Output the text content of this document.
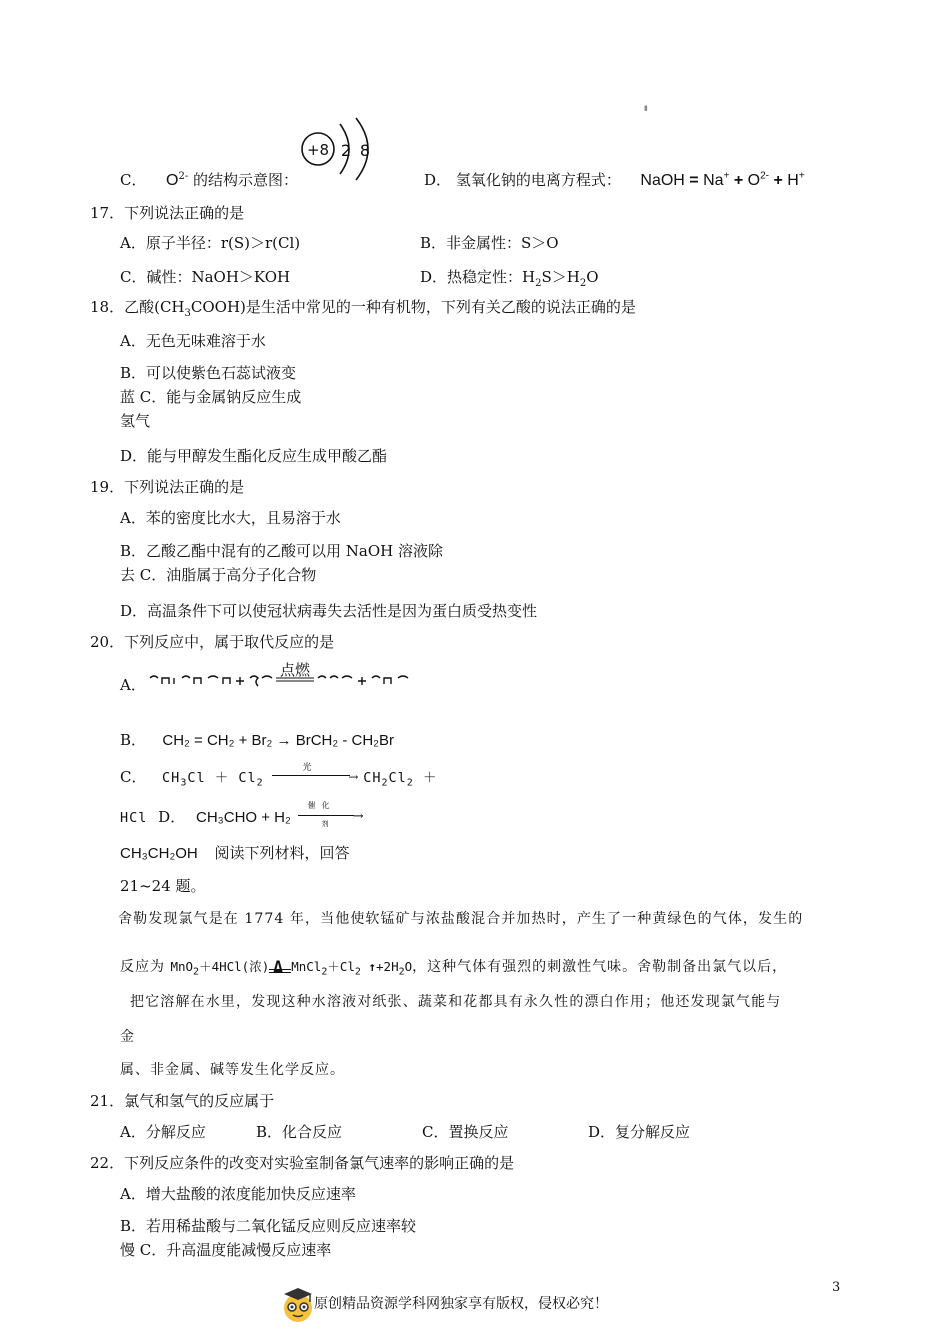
▮
C． $O^{2-}$ 的结构示意图：
+8 2 8
D． 氢氧化钠的电离方程式： NaOH = $Na^+ + O^{2-} + H^+$
17．下列说法正确的是
A．原子半径：r(S)＞r(Cl)	B．非金属性：S＞O
C．碱性：NaOH＞KOH	D．热稳定性：$H_2S>H_2O$
18．乙酸$(CH_3COOH)$是生活中常见的一种有机物，下列有关乙酸的说法正确的是
A．无色无味难溶于水
B．可以使紫色石蕊试液变
蓝 C．能与金属钠反应生成
氢气
D．能与甲醇发生酯化反应生成甲酸乙酯
19．下列说法正确的是
A．苯的密度比水大，且易溶于水
B．乙酸乙酯中混有的乙酸可以用 NaOH 溶液除
去 C．油脂属于高分子化合物
D．高温条件下可以使冠状病毒失去活性是因为蛋白质受热变性
20．下列反应中，属于取代反应的是
A．
点燃
B． CH₂ = CH₂ + Br₂ → BrCH₂ - CH₂Br
C． $CH_3Cl + Cl_2$
光
→ $CH_2Cl_2$ ＋
HCl D． CH₃CHO + H₂
催化
剂 →
CH₃CH₂OH 阅读下列材料，回答
21~24 题。
舍勒发现氯气是在 1774 年，当他使软锰矿与浓盐酸混合并加热时，产生了一种黄绿色的气体，发生的
反应为 MnO$_2$＋4HCl(浓) Δ $MnCl_2+Cl_2$ $↑+2H_2O$，这种气体有强烈的刺激性气味。舍勒制备出氯气以后，
把它溶解在水里，发现这种水溶液对纸张、蔬菜和花都具有永久性的漂白作用；他还发现氯气能与
金
属、非金属、碱等发生化学反应。
21．氯气和氢气的反应属于
A．分解反应	B．化合反应	C．置换反应	D．复分解反应
22．下列反应条件的改变对实验室制备氯气速率的影响正确的是
A．增大盐酸的浓度能加快反应速率
B．若用稀盐酸与二氧化锰反应则反应速率较
慢 C．升高温度能减慢反应速率
3
原创精品资源学科网独家享有版权，侵权必究！
